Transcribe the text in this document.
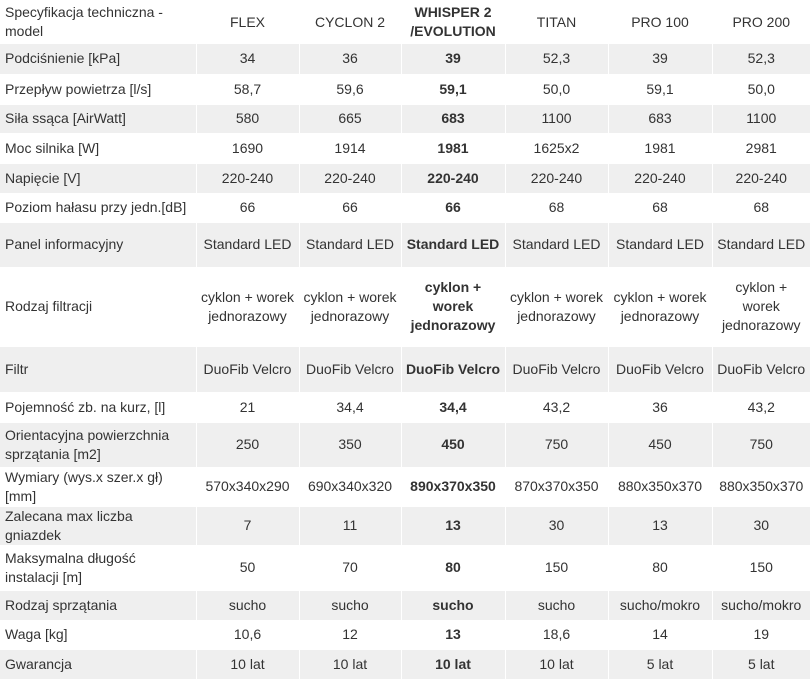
Specyfikacja techniczna - model	FLEX	CYCLON 2	WHISPER 2 /EVOLUTION	TITAN	PRO 100	PRO 200
Podciśnienie [kPa]	34	36	39	52,3	39	52,3
Przepływ powietrza [l/s]	58,7	59,6	59,1	50,0	59,1	50,0
Siła ssąca [AirWatt]	580	665	683	1100	683	1100
Moc silnika [W]	1690	1914	1981	1625x2	1981	2981
Napięcie [V]	220-240	220-240	220-240	220-240	220-240	220-240
Poziom hałasu przy jedn.[dB]	66	66	66	68	68	68
Panel informacyjny	Standard LED	Standard LED	Standard LED	Standard LED	Standard LED	Standard LED
Rodzaj filtracji	cyklon + worek jednorazowy	cyklon + worek jednorazowy	cyklon + worek jednorazowy	cyklon + worek jednorazowy	cyklon + worek jednorazowy	cyklon + worek jednorazowy
Filtr	DuoFib Velcro	DuoFib Velcro	DuoFib Velcro	DuoFib Velcro	DuoFib Velcro	DuoFib Velcro
Pojemność zb. na kurz, [l]	21	34,4	34,4	43,2	36	43,2
Orientacyjna powierzchnia sprzątania [m2]	250	350	450	750	450	750
Wymiary (wys.x szer.x gł) [mm]	570x340x290	690x340x320	890x370x350	870x370x350	880x350x370	880x350x370
Zalecana max liczba gniazdek	7	11	13	30	13	30
Maksymalna długość instalacji [m]	50	70	80	150	80	150
Rodzaj sprzątania	sucho	sucho	sucho	sucho	sucho/mokro	sucho/mokro
Waga [kg]	10,6	12	13	18,6	14	19
Gwarancja	10 lat	10 lat	10 lat	10 lat	5 lat	5 lat
